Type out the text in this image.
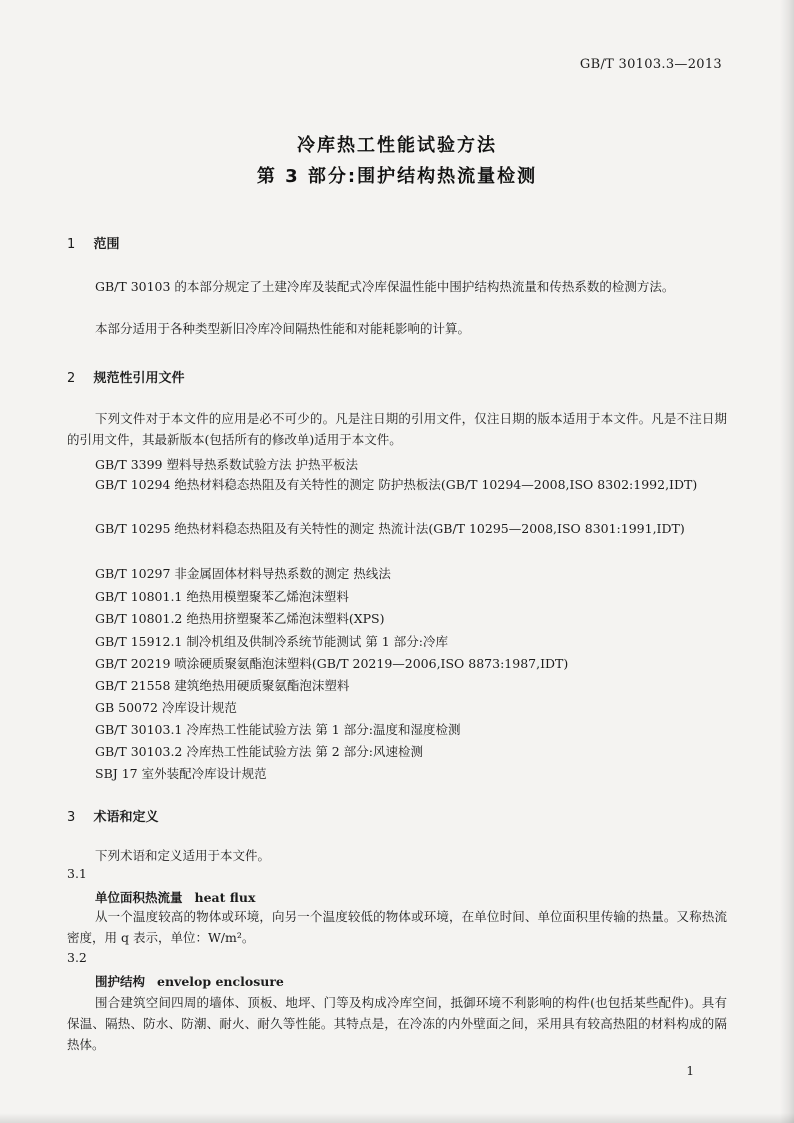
GB/T 30103.3—2013
冷库热工性能试验方法
第 3 部分:围护结构热流量检测
1 范围
GB/T 30103 的本部分规定了土建冷库及装配式冷库保温性能中围护结构热流量和传热系数的检测方法。
本部分适用于各种类型新旧冷库冷间隔热性能和对能耗影响的计算。
2 规范性引用文件
下列文件对于本文件的应用是必不可少的。凡是注日期的引用文件，仅注日期的版本适用于本文件。凡是不注日期的引用文件，其最新版本(包括所有的修改单)适用于本文件。
GB/T 3399 塑料导热系数试验方法 护热平板法
GB/T 10294 绝热材料稳态热阻及有关特性的测定 防护热板法(GB/T 10294—2008,ISO 8302:1992,IDT)
GB/T 10295 绝热材料稳态热阻及有关特性的测定 热流计法(GB/T 10295—2008,ISO 8301:1991,IDT)
GB/T 10297 非金属固体材料导热系数的测定 热线法
GB/T 10801.1 绝热用模塑聚苯乙烯泡沫塑料
GB/T 10801.2 绝热用挤塑聚苯乙烯泡沫塑料(XPS)
GB/T 15912.1 制冷机组及供制冷系统节能测试 第 1 部分:冷库
GB/T 20219 喷涂硬质聚氨酯泡沫塑料(GB/T 20219—2006,ISO 8873:1987,IDT)
GB/T 21558 建筑绝热用硬质聚氨酯泡沫塑料
GB 50072 冷库设计规范
GB/T 30103.1 冷库热工性能试验方法 第 1 部分:温度和湿度检测
GB/T 30103.2 冷库热工性能试验方法 第 2 部分:风速检测
SBJ 17 室外装配冷库设计规范
3 术语和定义
下列术语和定义适用于本文件。
3.1
单位面积热流量 heat flux
从一个温度较高的物体或环境，向另一个温度较低的物体或环境，在单位时间、单位面积里传输的热量。又称热流密度，用 q 表示，单位：W/m²。
3.2
围护结构 envelop enclosure
围合建筑空间四周的墙体、顶板、地坪、门等及构成冷库空间，抵御环境不利影响的构件(也包括某些配件)。具有保温、隔热、防水、防潮、耐火、耐久等性能。其特点是，在冷冻的内外壁面之间，采用具有较高热阻的材料构成的隔热体。
1
